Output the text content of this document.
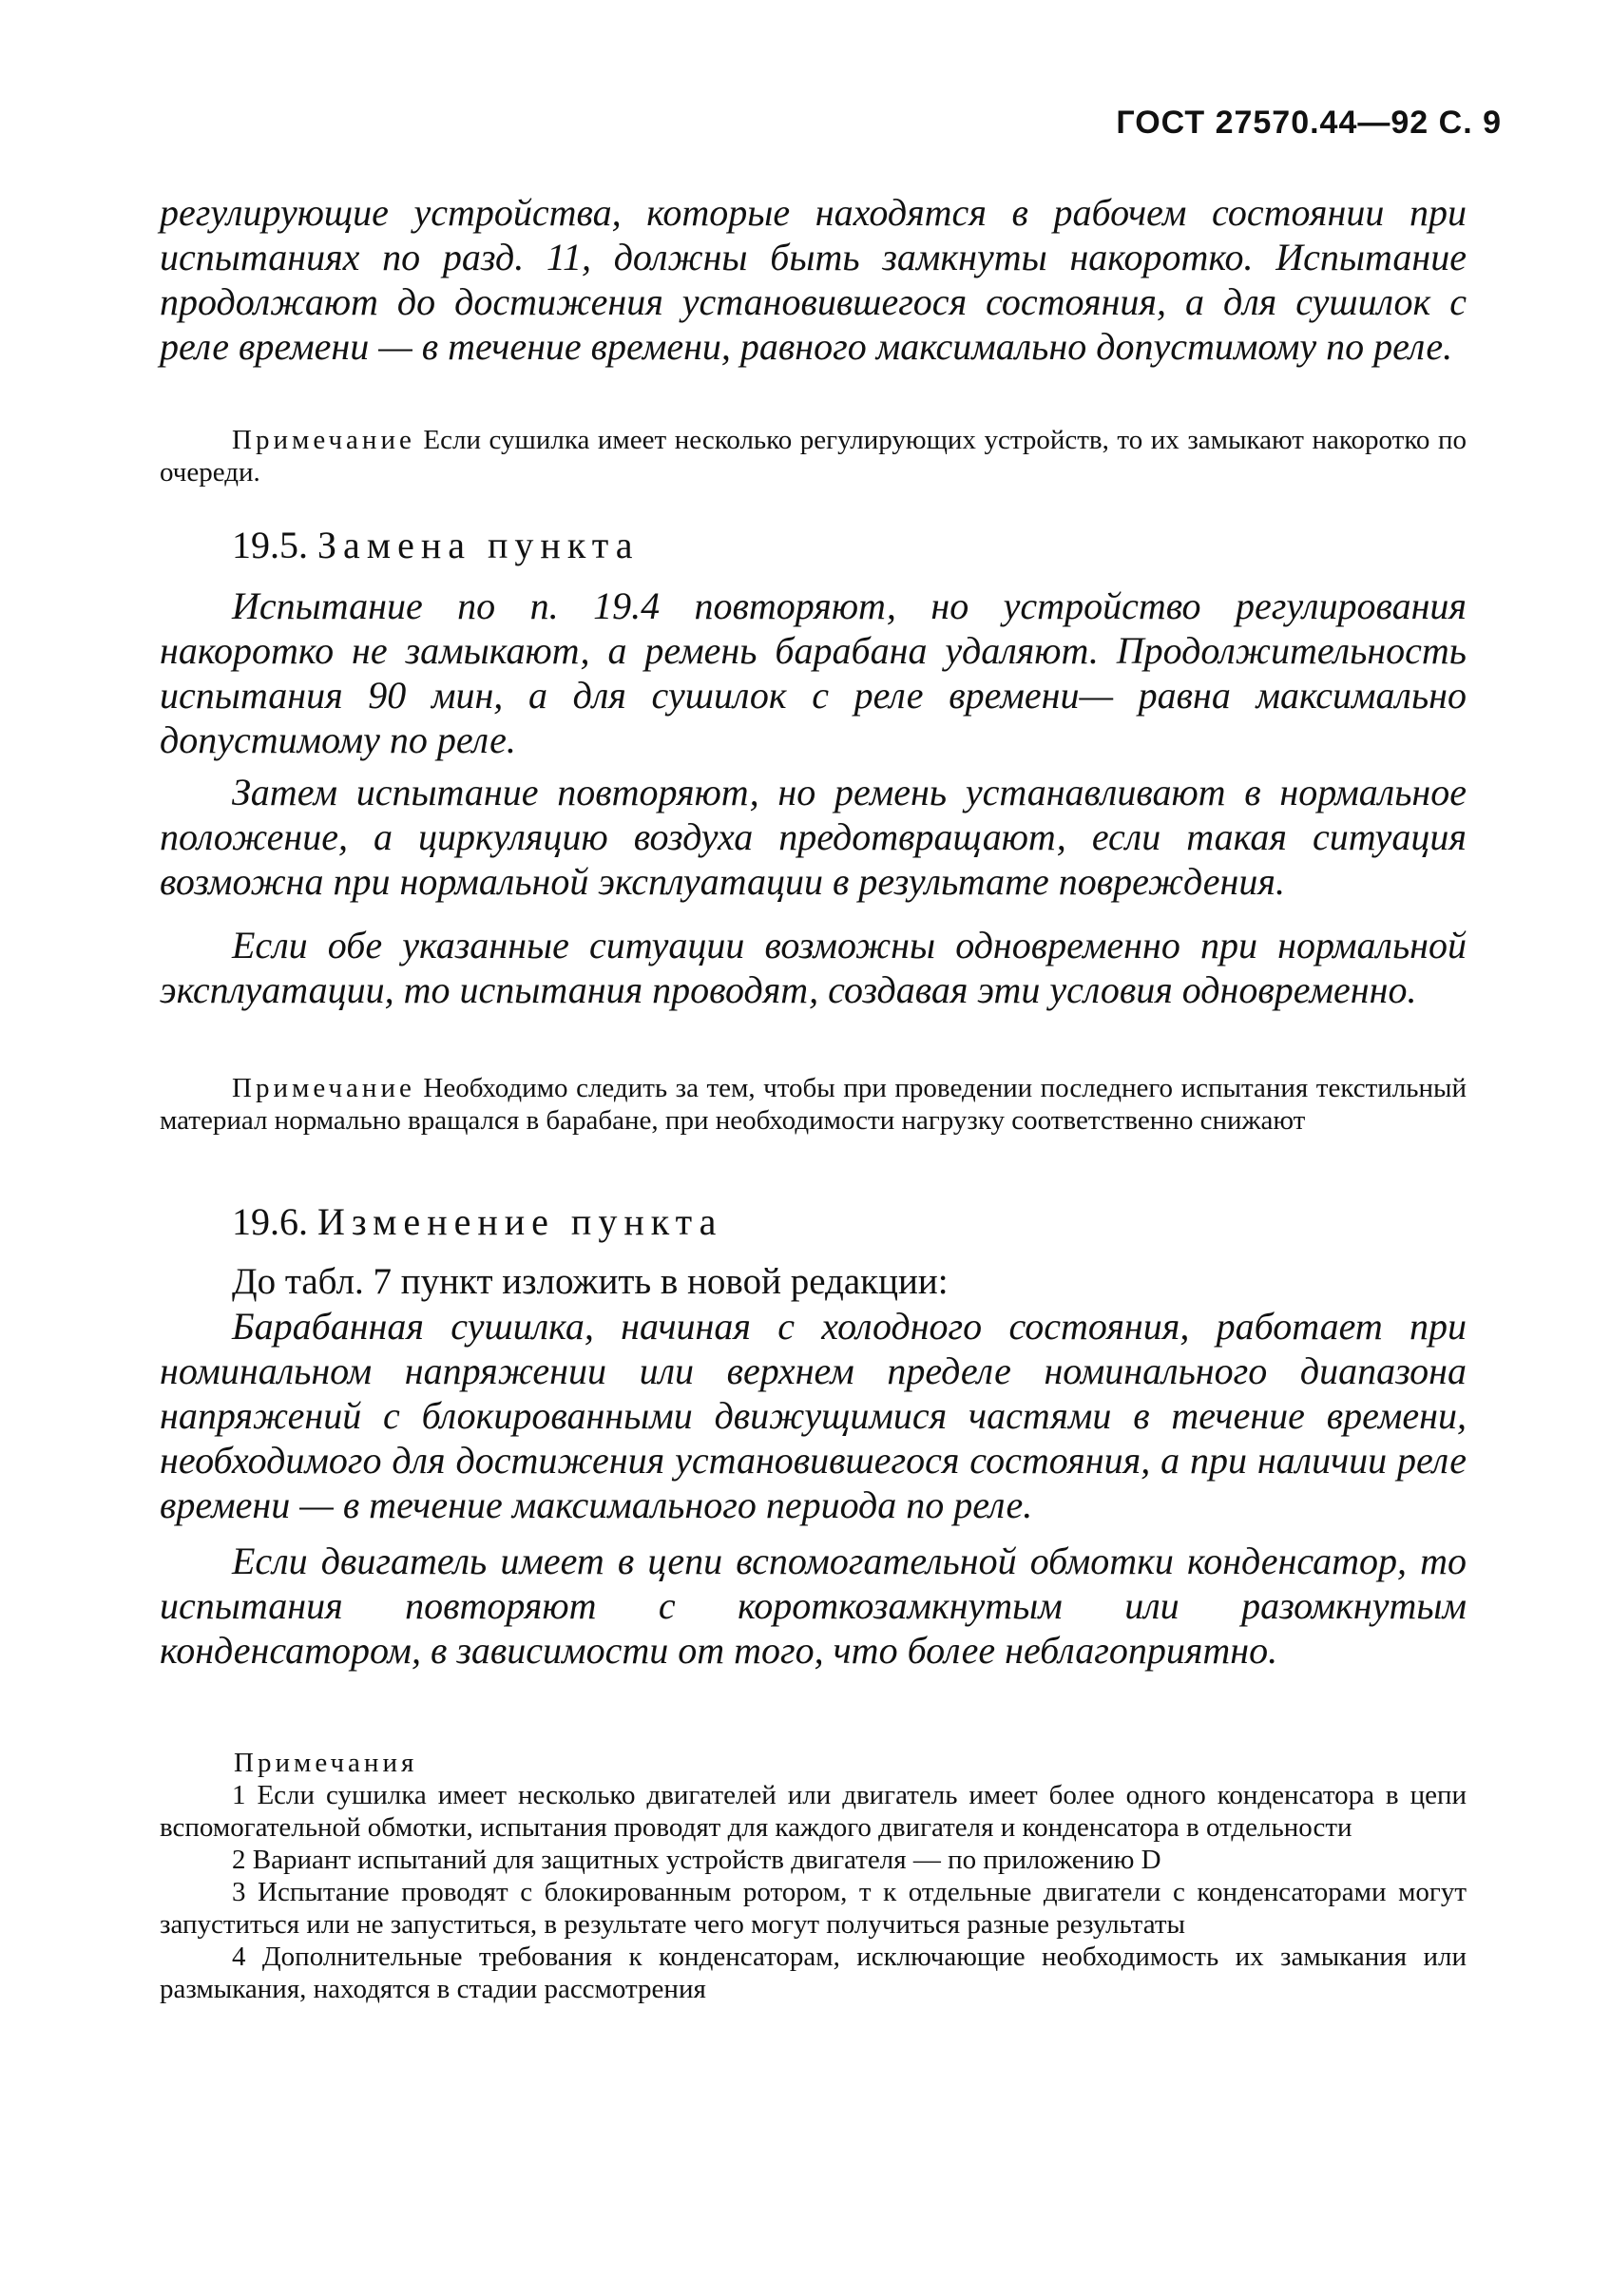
ГОСТ 27570.44—92 С. 9

регулирующие устройства, которые находятся в рабочем состоянии при испытаниях по разд. 11, должны быть замкнуты накоротко. Испытание продолжают до достижения установившегося состояния, а для сушилок с реле времени — в течение времени, равного максимально допустимому по реле.

Примечание Если сушилка имеет несколько регулирующих устройств, то их замыкают накоротко по очереди.

19.5. Замена пункта

Испытание по п. 19.4 повторяют, но устройство регулирования накоротко не замыкают, а ремень барабана удаляют. Продолжительность испытания 90 мин, а для сушилок с реле времени— равна максимально допустимому по реле.

Затем испытание повторяют, но ремень устанавливают в нормальное положение, а циркуляцию воздуха предотвращают, если такая ситуация возможна при нормальной эксплуатации в результате повреждения.

Если обе указанные ситуации возможны одновременно при нормальной эксплуатации, то испытания проводят, создавая эти условия одновременно.

Примечание Необходимо следить за тем, чтобы при проведении последнего испытания текстильный материал нормально вращался в барабане, при необходимости нагрузку соответственно снижают

19.6. Изменение пункта

До табл. 7 пункт изложить в новой редакции:

Барабанная сушилка, начиная с холодного состояния, работает при номинальном напряжении или верхнем пределе номинального диапазона напряжений с блокированными движущимися частями в течение времени, необходимого для достижения установившегося состояния, а при наличии реле времени — в течение максимального периода по реле.

Если двигатель имеет в цепи вспомогательной обмотки конденсатор, то испытания повторяют с короткозамкнутым или разомкнутым конденсатором, в зависимости от того, что более неблагоприятно.

Примечания

1 Если сушилка имеет несколько двигателей или двигатель имеет более одного конденсатора в цепи вспомогательной обмотки, испытания проводят для каждого двигателя и конденсатора в отдельности

2 Вариант испытаний для защитных устройств двигателя — по приложению D

3 Испытание проводят с блокированным ротором, т к отдельные двигатели с конденсаторами могут запуститься или не запуститься, в результате чего могут получиться разные результаты

4 Дополнительные требования к конденсаторам, исключающие необходимость их замыкания или размыкания, находятся в стадии рассмотрения
